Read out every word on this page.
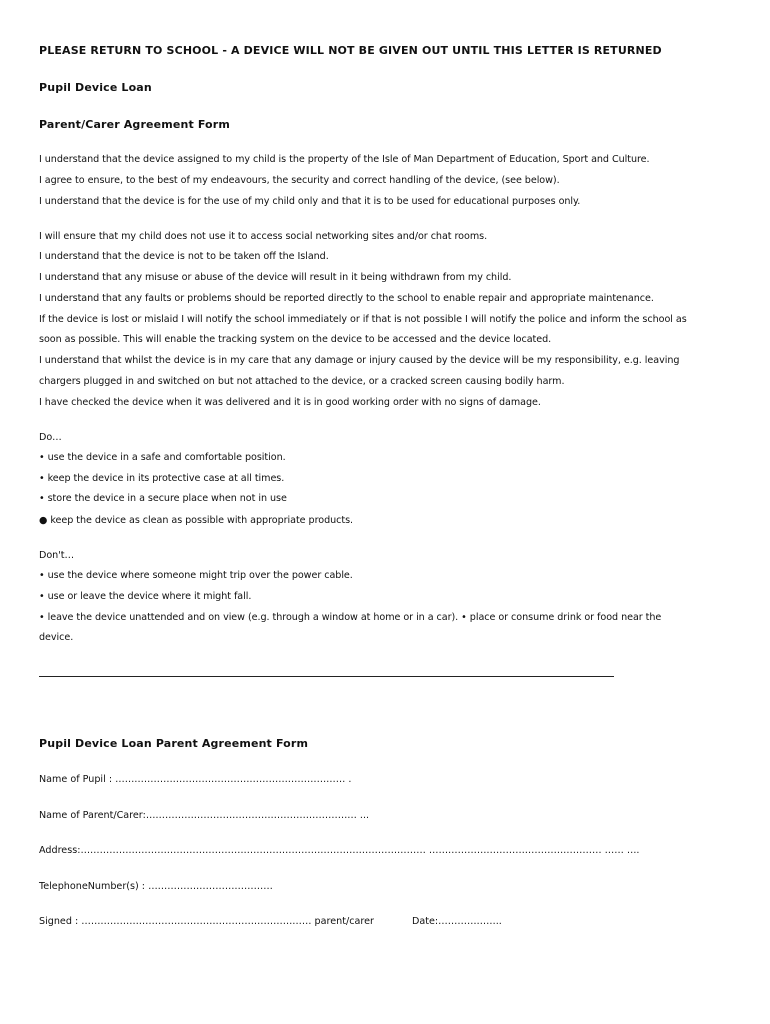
PLEASE RETURN TO SCHOOL - A DEVICE WILL NOT BE GIVEN OUT UNTIL THIS LETTER IS RETURNED
Pupil Device Loan
Parent/Carer Agreement Form
I understand that the device assigned to my child is the property of the Isle of Man Department of Education, Sport and Culture.
I agree to ensure, to the best of my endeavours, the security and correct handling of the device, (see below).
I understand that the device is for the use of my child only and that it is to be used for educational purposes only.
I will ensure that my child does not use it to access social networking sites and/or chat rooms.
I understand that the device is not to be taken off the Island.
I understand that any misuse or abuse of the device will result in it being withdrawn from my child.
I understand that any faults or problems should be reported directly to the school to enable repair and appropriate maintenance.
If the device is lost or mislaid I will notify the school immediately or if that is not possible I will notify the police and inform the school as
soon as possible. This will enable the tracking system on the device to be accessed and the device located.
I understand that whilst the device is in my care that any damage or injury caused by the device will be my responsibility, e.g. leaving
chargers plugged in and switched on but not attached to the device, or a cracked screen causing bodily harm.
I have checked the device when it was delivered and it is in good working order with no signs of damage.
Do…
• use the device in a safe and comfortable position.
• keep the device in its protective case at all times.
• store the device in a secure place when not in use
● keep the device as clean as possible with appropriate products.
Don't…
• use the device where someone might trip over the power cable.
• use or leave the device where it might fall.
• leave the device unattended and on view (e.g. through a window at home or in a car). • place or consume drink or food near the
device.
Pupil Device Loan Parent Agreement Form
Name of Pupil : ……………………………………………………………… .
Name of Parent/Carer:………………………………………………………… ...
Address:……………………………………………………………………………………………… ……………………………………………… …… ….
TelephoneNumber(s) : …………………………………
Signed : ……………………………………………………………… parent/carer	Date:………………..
